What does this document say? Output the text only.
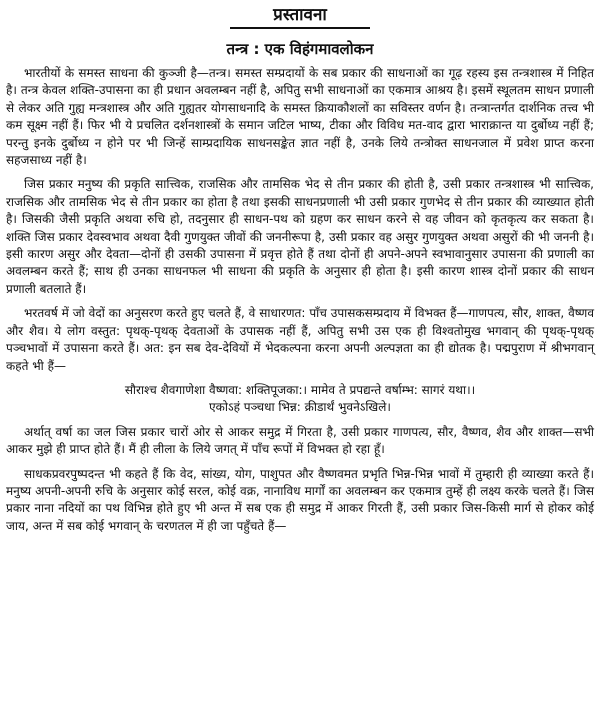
प्रस्तावना
तन्त्र : एक विहंगमावलोकन

भारतीयों के समस्त साधना की कुञ्जी है—तन्त्र। समस्त सम्प्रदायों के सब प्रकार की साधनाओं का गूढ़ रहस्य इस तन्त्रशास्त्र में निहित है। तन्त्र केवल शक्ति-उपासना का ही प्रधान अवलम्बन नहीं है, अपितु सभी साधनाओं का एकमात्र आश्रय है। इसमें स्थूलतम साधन प्रणाली से लेकर अति गुह्य मन्त्रशास्त्र और अति गुह्यतर योगसाधनादि के समस्त क्रियाकौशलों का सविस्तर वर्णन है। तन्त्रान्तर्गत दार्शनिक तत्त्व भी कम सूक्ष्म नहीं हैं। फिर भी ये प्रचलित दर्शनशास्त्रों के समान जटिल भाष्य, टीका और विविध मत-वाद द्वारा भाराक्रान्त या दुर्बोध्य नहीं हैं; परन्तु इनके दुर्बोध्य न होने पर भी जिन्हें साम्प्रदायिक साधनसङ्केत ज्ञात नहीं है, उनके लिये तन्त्रोक्त साधनजाल में प्रवेश प्राप्त करना सहजसाध्य नहीं है।

जिस प्रकार मनुष्य की प्रकृति सात्त्विक, राजसिक और तामसिक भेद से तीन प्रकार की होती है, उसी प्रकार तन्त्रशास्त्र भी सात्त्विक, राजसिक और तामसिक भेद से तीन प्रकार का होता है तथा इसकी साधनप्रणाली भी उसी प्रकार गुणभेद से तीन प्रकार की व्याख्यात होती है। जिसकी जैसी प्रकृति अथवा रुचि हो, तदनुसार ही साधन-पथ को ग्रहण कर साधन करने से वह जीवन को कृतकृत्य कर सकता है। शक्ति जिस प्रकार देवस्वभाव अथवा दैवी गुणयुक्त जीवों की जननीरूपा है, उसी प्रकार वह असुर गुणयुक्त अथवा असुरों की भी जननी है। इसी कारण असुर और देवता—दोनों ही उसकी उपासना में प्रवृत्त होते हैं तथा दोनों ही अपने-अपने स्वभावानुसार उपासना की प्रणाली का अवलम्बन करते हैं; साथ ही उनका साधनफल भी साधना की प्रकृति के अनुसार ही होता है। इसी कारण शास्त्र दोनों प्रकार की साधन प्रणाली बतलाते हैं।

भरतवर्ष में जो वेदों का अनुसरण करते हुए चलते हैं, वे साधारणत: पाँच उपासकसम्प्रदाय में विभक्त हैं—गाणपत्य, सौर, शाक्त, वैष्णव और शैव। ये लोग वस्तुत: पृथक्-पृथक् देवताओं के उपासक नहीं हैं, अपितु सभी उस एक ही विश्वतोमुख भगवान् की पृथक्-पृथक् पञ्चभावों में उपासना करते हैं। अत: इन सब देव-देवियों में भेदकल्पना करना अपनी अल्पज्ञता का ही द्योतक है। पद्मपुराण में श्रीभगवान् कहते भी हैं—

सौराश्च शैवगाणेशा वैष्णवा: शक्तिपूजका:। मामेव ते प्रपद्यन्ते वर्षाम्भ: सागरं यथा।।

एकोऽहं पञ्चधा भिन्न: क्रीडार्थं भुवनेऽखिले।

अर्थात् वर्षा का जल जिस प्रकार चारों ओर से आकर समुद्र में गिरता है, उसी प्रकार गाणपत्य, सौर, वैष्णव, शैव और शाक्त—सभी आकर मुझे ही प्राप्त होते हैं। मैं ही लीला के लिये जगत् में पाँच रूपों में विभक्त हो रहा हूँ।

साधकप्रवरपुष्पदन्त भी कहते हैं कि वेद, सांख्य, योग, पाशुपत और वैष्णवमत प्रभृति भिन्न-भिन्न भावों में तुम्हारी ही व्याख्या करते हैं। मनुष्य अपनी-अपनी रुचि के अनुसार कोई सरल, कोई वक्र, नानाविध मार्गों का अवलम्बन कर एकमात्र तुम्हें ही लक्ष्य करके चलते हैं। जिस प्रकार नाना नदियों का पथ विभिन्न होते हुए भी अन्त में सब एक ही समुद्र में आकर गिरती हैं, उसी प्रकार जिस-किसी मार्ग से होकर कोई जाय, अन्त में सब कोई भगवान् के चरणतल में ही जा पहुँचते हैं—
